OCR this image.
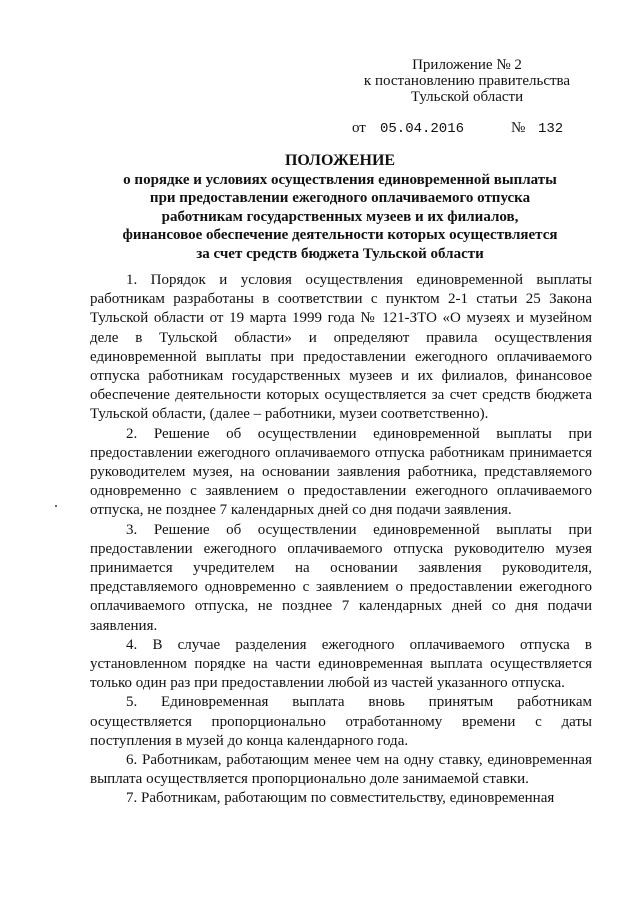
Приложение № 2
к постановлению правительства
Тульской области
от 05.04.2016	№ 132
ПОЛОЖЕНИЕ
о порядке и условиях осуществления единовременной выплаты
при предоставлении ежегодного оплачиваемого отпуска
работникам государственных музеев и их филиалов,
финансовое обеспечение деятельности которых осуществляется
за счет средств бюджета Тульской области

1. Порядок и условия осуществления единовременной выплаты работникам разработаны в соответствии с пунктом 2-1 статьи 25 Закона Тульской области от 19 марта 1999 года № 121-ЗТО «О музеях и музейном деле в Тульской области» и определяют правила осуществления единовременной выплаты при предоставлении ежегодного оплачиваемого отпуска работникам государственных музеев и их филиалов, финансовое обеспечение деятельности которых осуществляется за счет средств бюджета Тульской области, (далее – работники, музеи соответственно).

2. Решение об осуществлении единовременной выплаты при предоставлении ежегодного оплачиваемого отпуска работникам принимается руководителем музея, на основании заявления работника, представляемого одновременно с заявлением о предоставлении ежегодного оплачиваемого отпуска, не позднее 7 календарных дней со дня подачи заявления.

3. Решение об осуществлении единовременной выплаты при предоставлении ежегодного оплачиваемого отпуска руководителю музея принимается учредителем на основании заявления руководителя, представляемого одновременно с заявлением о предоставлении ежегодного оплачиваемого отпуска, не позднее 7 календарных дней со дня подачи заявления.

4. В случае разделения ежегодного оплачиваемого отпуска в установленном порядке на части единовременная выплата осуществляется только один раз при предоставлении любой из частей указанного отпуска.

5. Единовременная выплата вновь принятым работникам осуществляется пропорционально отработанному времени с даты поступления в музей до конца календарного года.

6. Работникам, работающим менее чем на одну ставку, единовременная выплата осуществляется пропорционально доле занимаемой ставки.

7. Работникам, работающим по совместительству, единовременная
